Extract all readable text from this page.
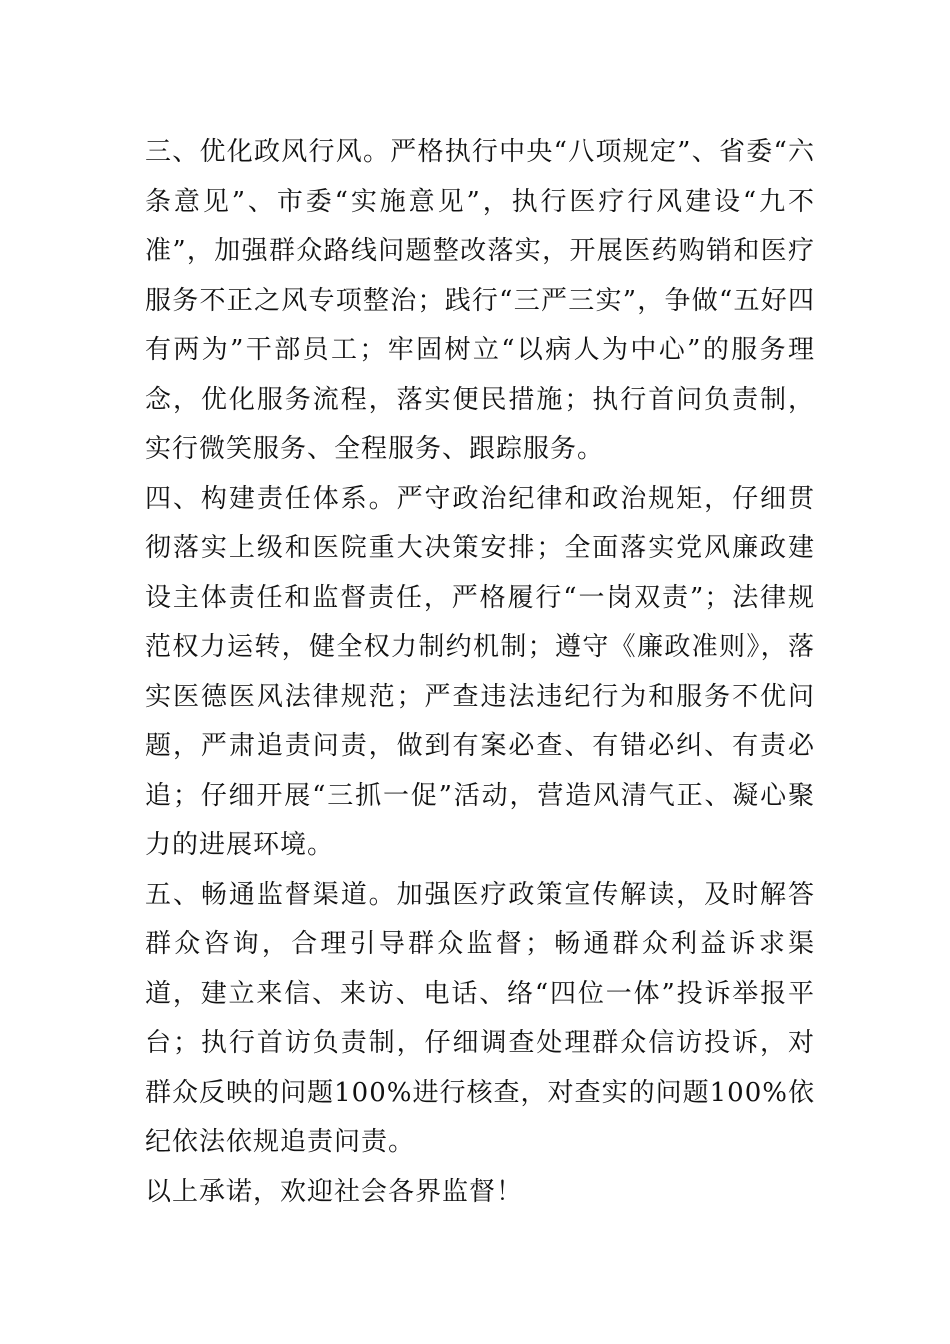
三、优化政风行风。严格执行中央“八项规定”、省委“六条意见”、市委“实施意见”，执行医疗行风建设“九不准”，加强群众路线问题整改落实，开展医药购销和医疗服务不正之风专项整治；践行“三严三实”，争做“五好四有两为”干部员工；牢固树立“以病人为中心”的服务理念，优化服务流程，落实便民措施；执行首问负责制，实行微笑服务、全程服务、跟踪服务。

四、构建责任体系。严守政治纪律和政治规矩，仔细贯彻落实上级和医院重大决策安排；全面落实党风廉政建设主体责任和监督责任，严格履行“一岗双责”；法律规范权力运转，健全权力制约机制；遵守《廉政准则》，落实医德医风法律规范；严查违法违纪行为和服务不优问题，严肃追责问责，做到有案必查、有错必纠、有责必追；仔细开展“三抓一促”活动，营造风清气正、凝心聚力的进展环境。

五、畅通监督渠道。加强医疗政策宣传解读，及时解答群众咨询，合理引导群众监督；畅通群众利益诉求渠道，建立来信、来访、电话、络“四位一体”投诉举报平台；执行首访负责制，仔细调查处理群众信访投诉，对群众反映的问题100%进行核查，对查实的问题100%依纪依法依规追责问责。

以上承诺，欢迎社会各界监督！
